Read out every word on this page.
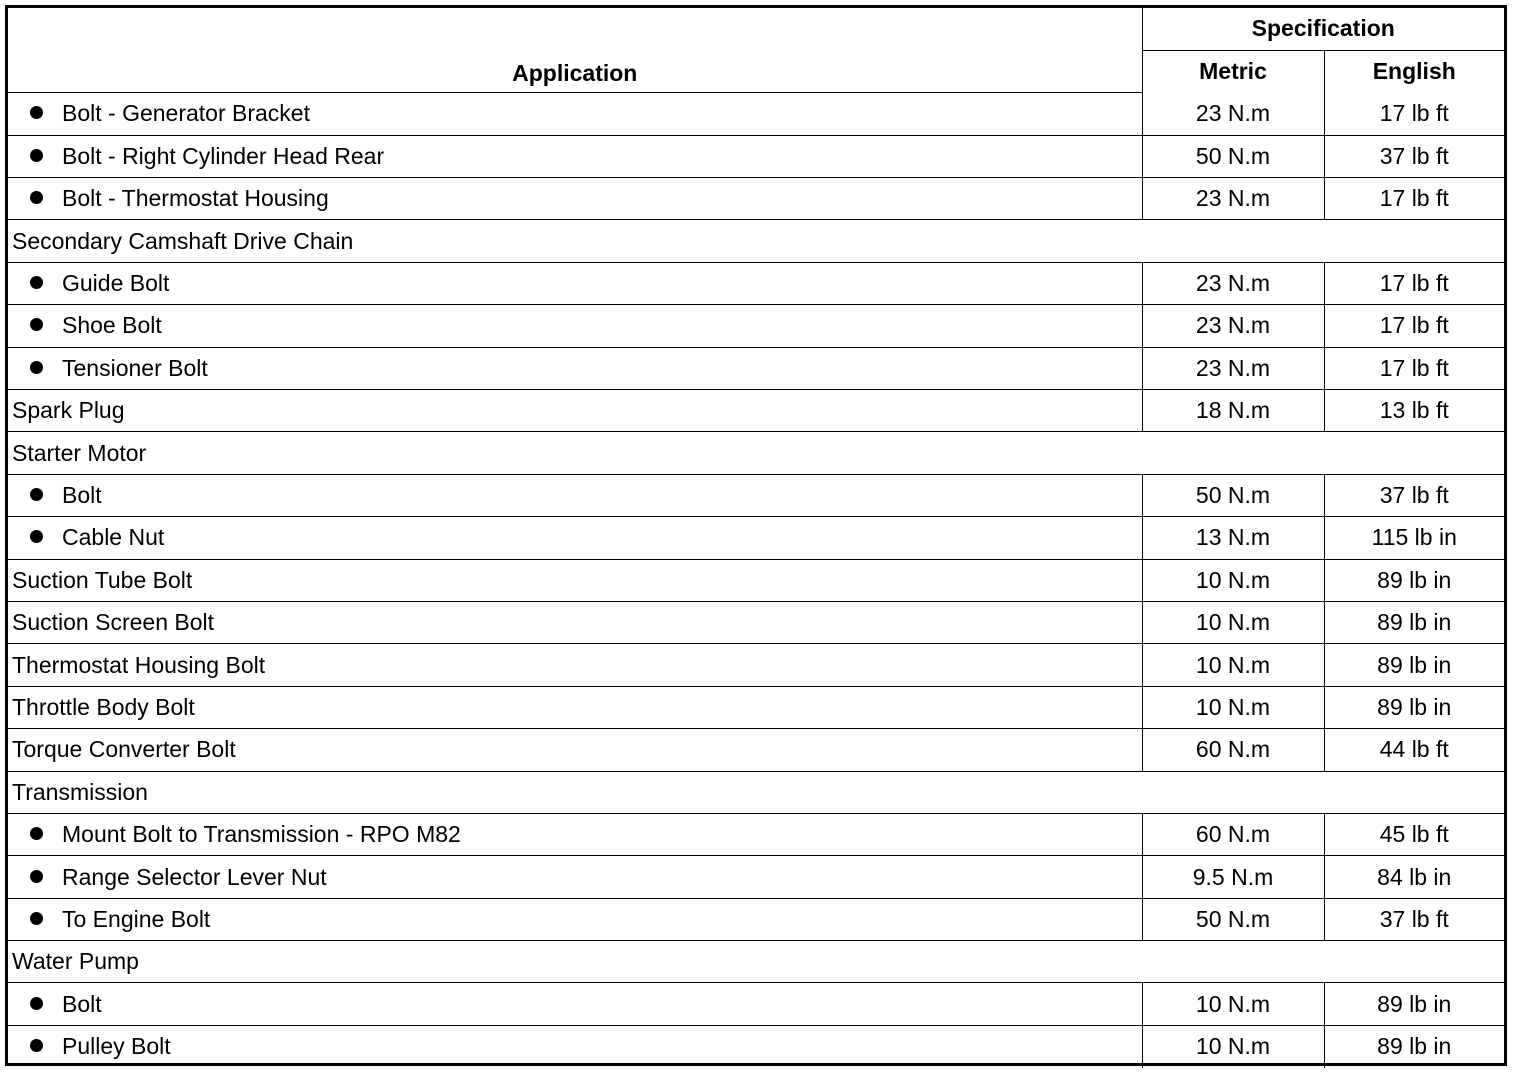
Application	Specification	
	Metric	English
Bolt - Generator Bracket	23 N.m	17 lb ft
Bolt - Right Cylinder Head Rear	50 N.m	37 lb ft
Bolt - Thermostat Housing	23 N.m	17 lb ft
Secondary Camshaft Drive Chain		
Guide Bolt	23 N.m	17 lb ft
Shoe Bolt	23 N.m	17 lb ft
Tensioner Bolt	23 N.m	17 lb ft
Spark Plug	18 N.m	13 lb ft
Starter Motor		
Bolt	50 N.m	37 lb ft
Cable Nut	13 N.m	115 lb in
Suction Tube Bolt	10 N.m	89 lb in
Suction Screen Bolt	10 N.m	89 lb in
Thermostat Housing Bolt	10 N.m	89 lb in
Throttle Body Bolt	10 N.m	89 lb in
Torque Converter Bolt	60 N.m	44 lb ft
Transmission		
Mount Bolt to Transmission - RPO M82	60 N.m	45 lb ft
Range Selector Lever Nut	9.5 N.m	84 lb in
To Engine Bolt	50 N.m	37 lb ft
Water Pump		
Bolt	10 N.m	89 lb in
Pulley Bolt	10 N.m	89 lb in
